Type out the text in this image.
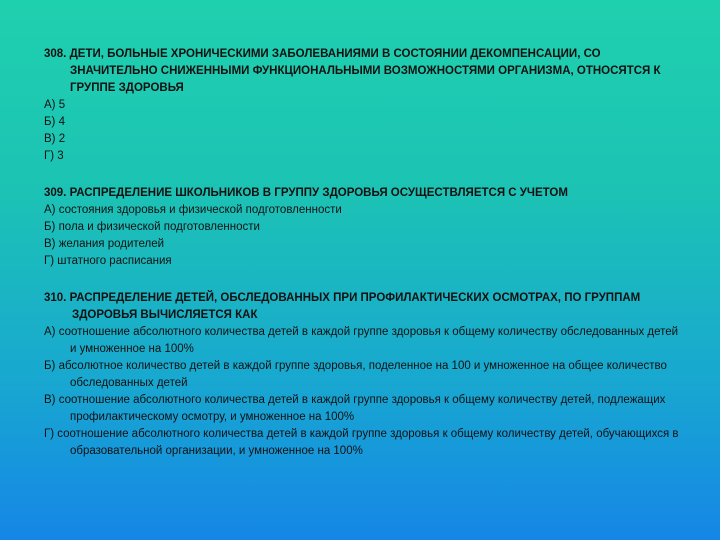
308. ДЕТИ, БОЛЬНЫЕ ХРОНИЧЕСКИМИ ЗАБОЛЕВАНИЯМИ В СОСТОЯНИИ ДЕКОМПЕНСАЦИИ, СО ЗНАЧИТЕЛЬНО СНИЖЕННЫМИ ФУНКЦИОНАЛЬНЫМИ ВОЗМОЖНОСТЯМИ ОРГАНИЗМА, ОТНОСЯТСЯ К ГРУППЕ ЗДОРОВЬЯ
А) 5
Б) 4
В) 2
Г) 3
309. РАСПРЕДЕЛЕНИЕ ШКОЛЬНИКОВ В ГРУППУ ЗДОРОВЬЯ ОСУЩЕСТВЛЯЕТСЯ С УЧЕТОМ
А) состояния здоровья и физической подготовленности
Б) пола и физической подготовленности
В) желания родителей
Г) штатного расписания
310. РАСПРЕДЕЛЕНИЕ ДЕТЕЙ, ОБСЛЕДОВАННЫХ ПРИ ПРОФИЛАКТИЧЕСКИХ ОСМОТРАХ, ПО ГРУППАМ ЗДОРОВЬЯ ВЫЧИСЛЯЕТСЯ КАК
А) соотношение абсолютного количества детей в каждой группе здоровья к общему количеству обследованных детей и умноженное на 100%
Б) абсолютное количество детей в каждой группе здоровья, поделенное на 100 и умноженное на общее количество обследованных детей
В) соотношение абсолютного количества детей в каждой группе здоровья к общему количеству детей, подлежащих профилактическому осмотру, и умноженное на 100%
Г) соотношение абсолютного количества детей в каждой группе здоровья к общему количеству детей, обучающихся в образовательной организации, и умноженное на 100%
